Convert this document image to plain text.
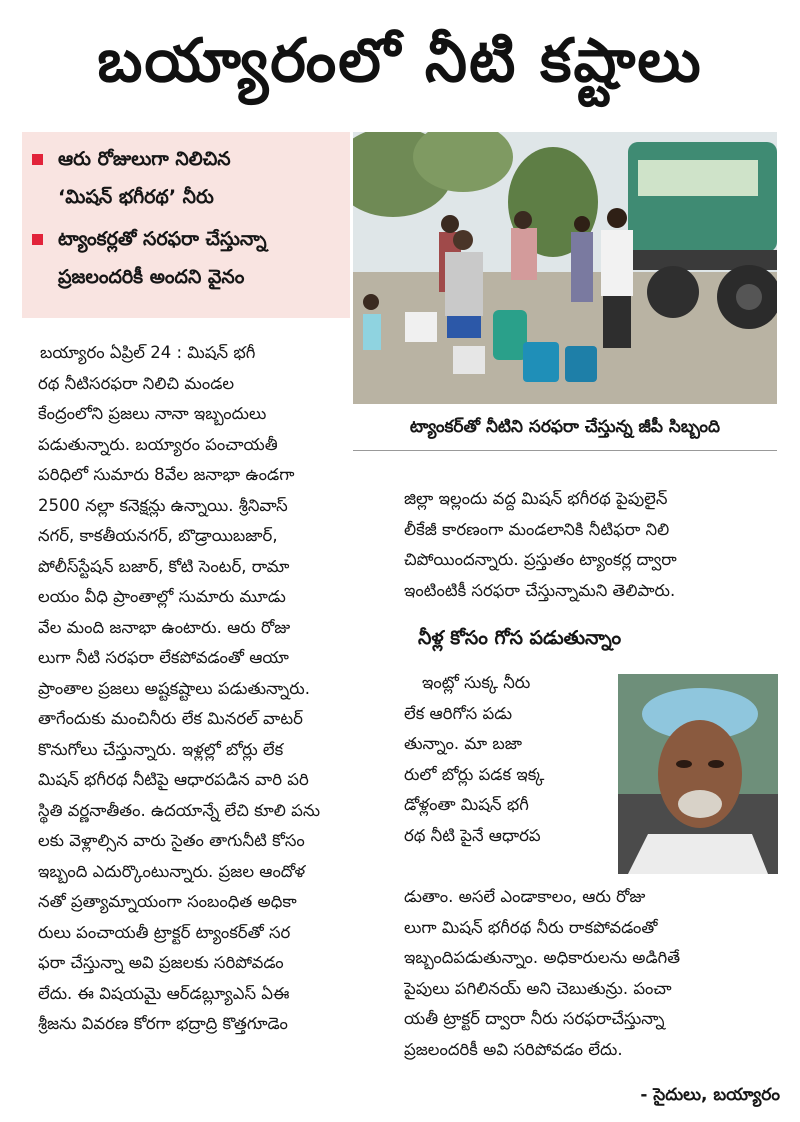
బయ్యారంలో నీటి కష్టాలు
ఆరు రోజులుగా నిలిచిన
‘మిషన్ భగీరథ’ నీరు
ట్యాంకర్లతో సరఫరా చేస్తున్నా
ప్రజలందరికీ అందని వైనం
ట్యాంకర్‌తో నీటిని సరఫరా చేస్తున్న జీపీ సిబ్బంది
బయ్యారం ఏప్రిల్ 24 : మిషన్ భగీ
రథ నీటిసరఫరా నిలిచి మండల
కేంద్రంలోని ప్రజలు నానా ఇబ్బందులు
పడుతున్నారు. బయ్యారం పంచాయతీ
పరిధిలో సుమారు 8వేల జనాభా ఉండగా
2500 నల్లా కనెక్షన్లు ఉన్నాయి. శ్రీనివాస్
నగర్, కాకతీయనగర్, బొడ్రాయిబజార్,
పోలీస్‌స్టేషన్ బజార్, కోటి సెంటర్, రామా
లయం వీధి ప్రాంతాల్లో సుమారు మూడు
వేల మంది జనాభా ఉంటారు. ఆరు రోజు
లుగా నీటి సరఫరా లేకపోవడంతో ఆయా
ప్రాంతాల ప్రజలు అష్టకష్టాలు పడుతున్నారు.
తాగేందుకు మంచినీరు లేక మినరల్ వాటర్
కొనుగోలు చేస్తున్నారు. ఇళ్లల్లో బోర్లు లేక
మిషన్ భగీరథ నీటిపై ఆధారపడిన వారి పరి
స్థితి వర్ణనాతీతం. ఉదయాన్నే లేచి కూలి పను
లకు వెళ్లాల్సిన వారు సైతం తాగునీటి కోసం
ఇబ్బంది ఎదుర్కొంటున్నారు. ప్రజల ఆందోళ
నతో ప్రత్యామ్నాయంగా సంబంధిత అధికా
రులు పంచాయతీ ట్రాక్టర్ ట్యాంకర్‌తో సర
ఫరా చేస్తున్నా అవి ప్రజలకు సరిపోవడం
లేదు. ఈ విషయమై ఆర్‌డబ్ల్యూఎస్ ఏఈ
శ్రీజను వివరణ కోరగా భద్రాద్రి కొత్తగూడెం
జిల్లా ఇల్లందు వద్ద మిషన్ భగీరథ పైపులైన్
లీకేజీ కారణంగా మండలానికి నీటిఫరా నిలి
చిపోయిందన్నారు. ప్రస్తుతం ట్యాంకర్ల ద్వారా
ఇంటింటికీ సరఫరా చేస్తున్నామని తెలిపారు.
నీళ్ల కోసం గోస పడుతున్నాం
ఇంట్లో సుక్క నీరు
లేక ఆరిగోస పడు
తున్నాం. మా బజా
రులో బోర్లు పడక ఇక్క
డోళ్లంతా మిషన్ భగీ
రథ నీటి పైనే ఆధారప
డుతాం. అసలే ఎండాకాలం, ఆరు రోజు
లుగా మిషన్ భగీరథ నీరు రాకపోవడంతో
ఇబ్బందిపడుతున్నాం. అధికారులను అడిగితే
పైపులు పగిలినయ్ అని చెబుతున్రు. పంచా
యతీ ట్రాక్టర్ ద్వారా నీరు సరఫరాచేస్తున్నా
ప్రజలందరికీ అవి సరిపోవడం లేదు.
- సైదులు, బయ్యారం
